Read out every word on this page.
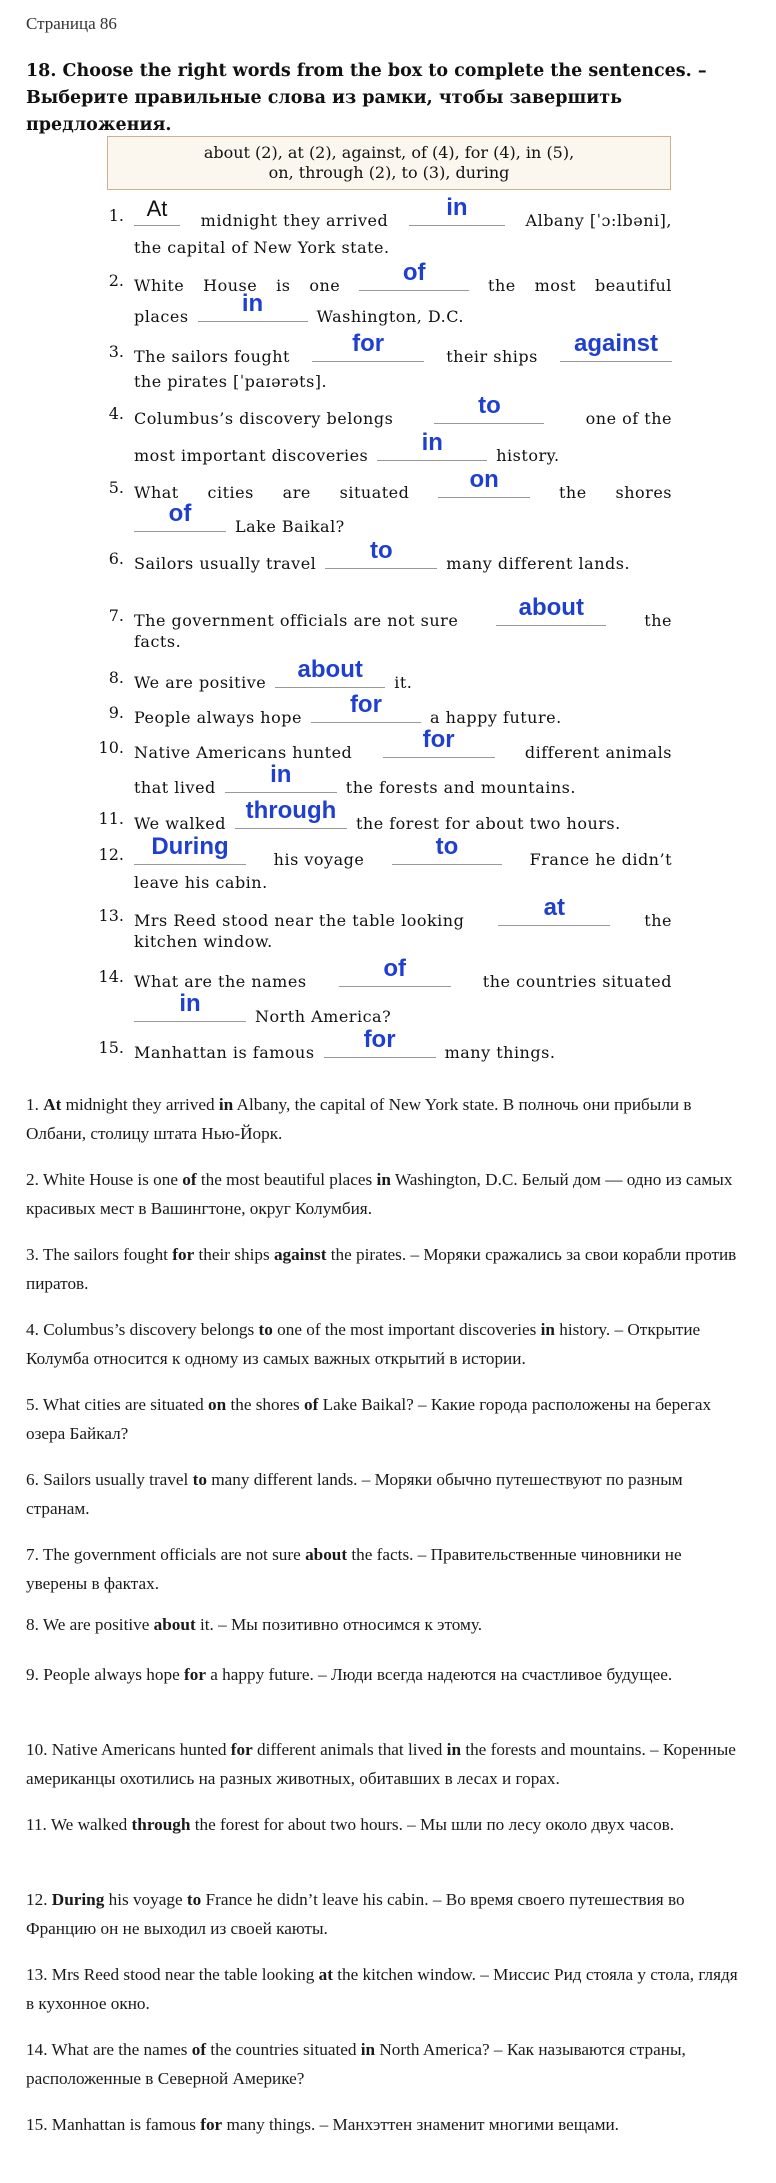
Страница 86
18. Choose the right words from the box to complete the sentences. –
Выберите правильные слова из рамки, чтобы завершить предложения.
about (2), at (2), against, of (4), for (4), in (5),
on, through (2), to (3), during
1.	At	midnight they arrived	in	Albany [ˈɔ:lbəni],
the capital of New York state.
2. White House is one	of	the most beautiful
places	in	Washington, D.C.
3. The sailors fought	for	their ships	against
the pirates [ˈpaɪərəts].
4. Columbus’s discovery belongs	to	one of the
most important discoveries	in	history.
5. What cities are situated	on	the shores
of	Lake Baikal?
6. Sailors usually travel	to	many different lands.
7. The government officials are not sure	about	the
facts.
8. We are positive	about	it.
9. People always hope	for	a happy future.
10. Native Americans hunted	for	different animals
that lived	in	the forests and mountains.
11. We walked through	the forest for about two hours.
12.	During	his voyage	to	France he didn’t
leave his cabin.
13. Mrs Reed stood near the table looking	at	the
kitchen window.
14. What are the names	of	the countries situated
in	North America?
15. Manhattan is famous	for	many things.
1. At midnight they arrived in Albany, the capital of New York state. В полночь они прибыли в Олбани, столицу штата Нью-Йорк.
2. White House is one of the most beautiful places in Washington, D.C. Белый дом — одно из самых красивых мест в Вашингтоне, округ Колумбия.
3. The sailors fought for their ships against the pirates. – Моряки сражались за свои корабли против пиратов.
4. Columbus’s discovery belongs to one of the most important discoveries in history. – Открытие Колумба относится к одному из самых важных открытий в истории.
5. What cities are situated on the shores of Lake Baikal? – Какие города расположены на берегах озера Байкал?
6. Sailors usually travel to many different lands. – Моряки обычно путешествуют по разным странам.
7. The government officials are not sure about the facts. – Правительственные чиновники не уверены в фактах.
8. We are positive about it. – Мы позитивно относимся к этому.
9. People always hope for a happy future. – Люди всегда надеются на счастливое будущее.
10. Native Americans hunted for different animals that lived in the forests and mountains. – Коренные американцы охотились на разных животных, обитавших в лесах и горах.
11. We walked through the forest for about two hours. – Мы шли по лесу около двух часов.
12. During his voyage to France he didn’t leave his cabin. – Во время своего путешествия во Францию он не выходил из своей каюты.
13. Mrs Reed stood near the table looking at the kitchen window. – Миссис Рид стояла у стола, глядя в кухонное окно.
14. What are the names of the countries situated in North America? – Как называются страны, расположенные в Северной Америке?
15. Manhattan is famous for many things. – Манхэттен знаменит многими вещами.
